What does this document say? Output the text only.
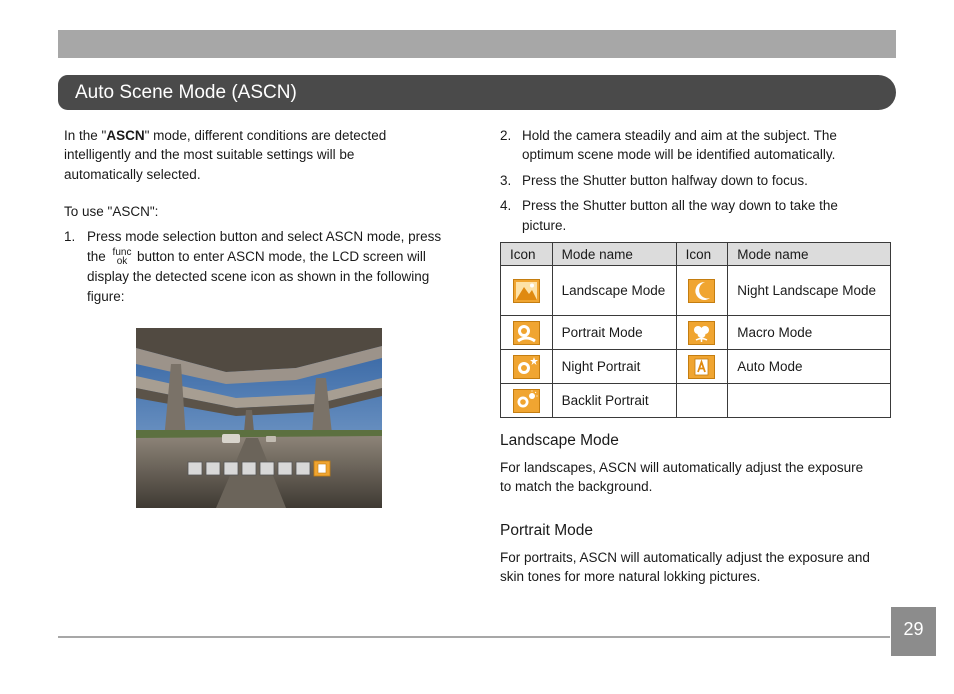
Auto Scene Mode (ASCN)
In the "ASCN" mode, different conditions are detected
intelligently and the most suitable settings will be
automatically selected.
To use "ASCN":
1. Press mode selection button and select ASCN mode, press
the func
ok button to enter ASCN mode, the LCD screen will
display the detected scene icon as shown in the following
figure:
2. Hold the camera steadily and aim at the subject. The
optimum scene mode will be identified automatically.
3. Press the Shutter button halfway down to focus.
4. Press the Shutter button all the way down to take the
picture.
Icon	Mode name	Icon	Mode name
	Landscape Mode		Night Landscape Mode
	Portrait Mode		Macro Mode
	Night Portrait		Auto Mode
	Backlit Portrait		
Landscape Mode
For landscapes, ASCN will automatically adjust the exposure
to match the background.
Portrait Mode
For portraits, ASCN will automatically adjust the exposure and
skin tones for more natural lokking pictures.
29
